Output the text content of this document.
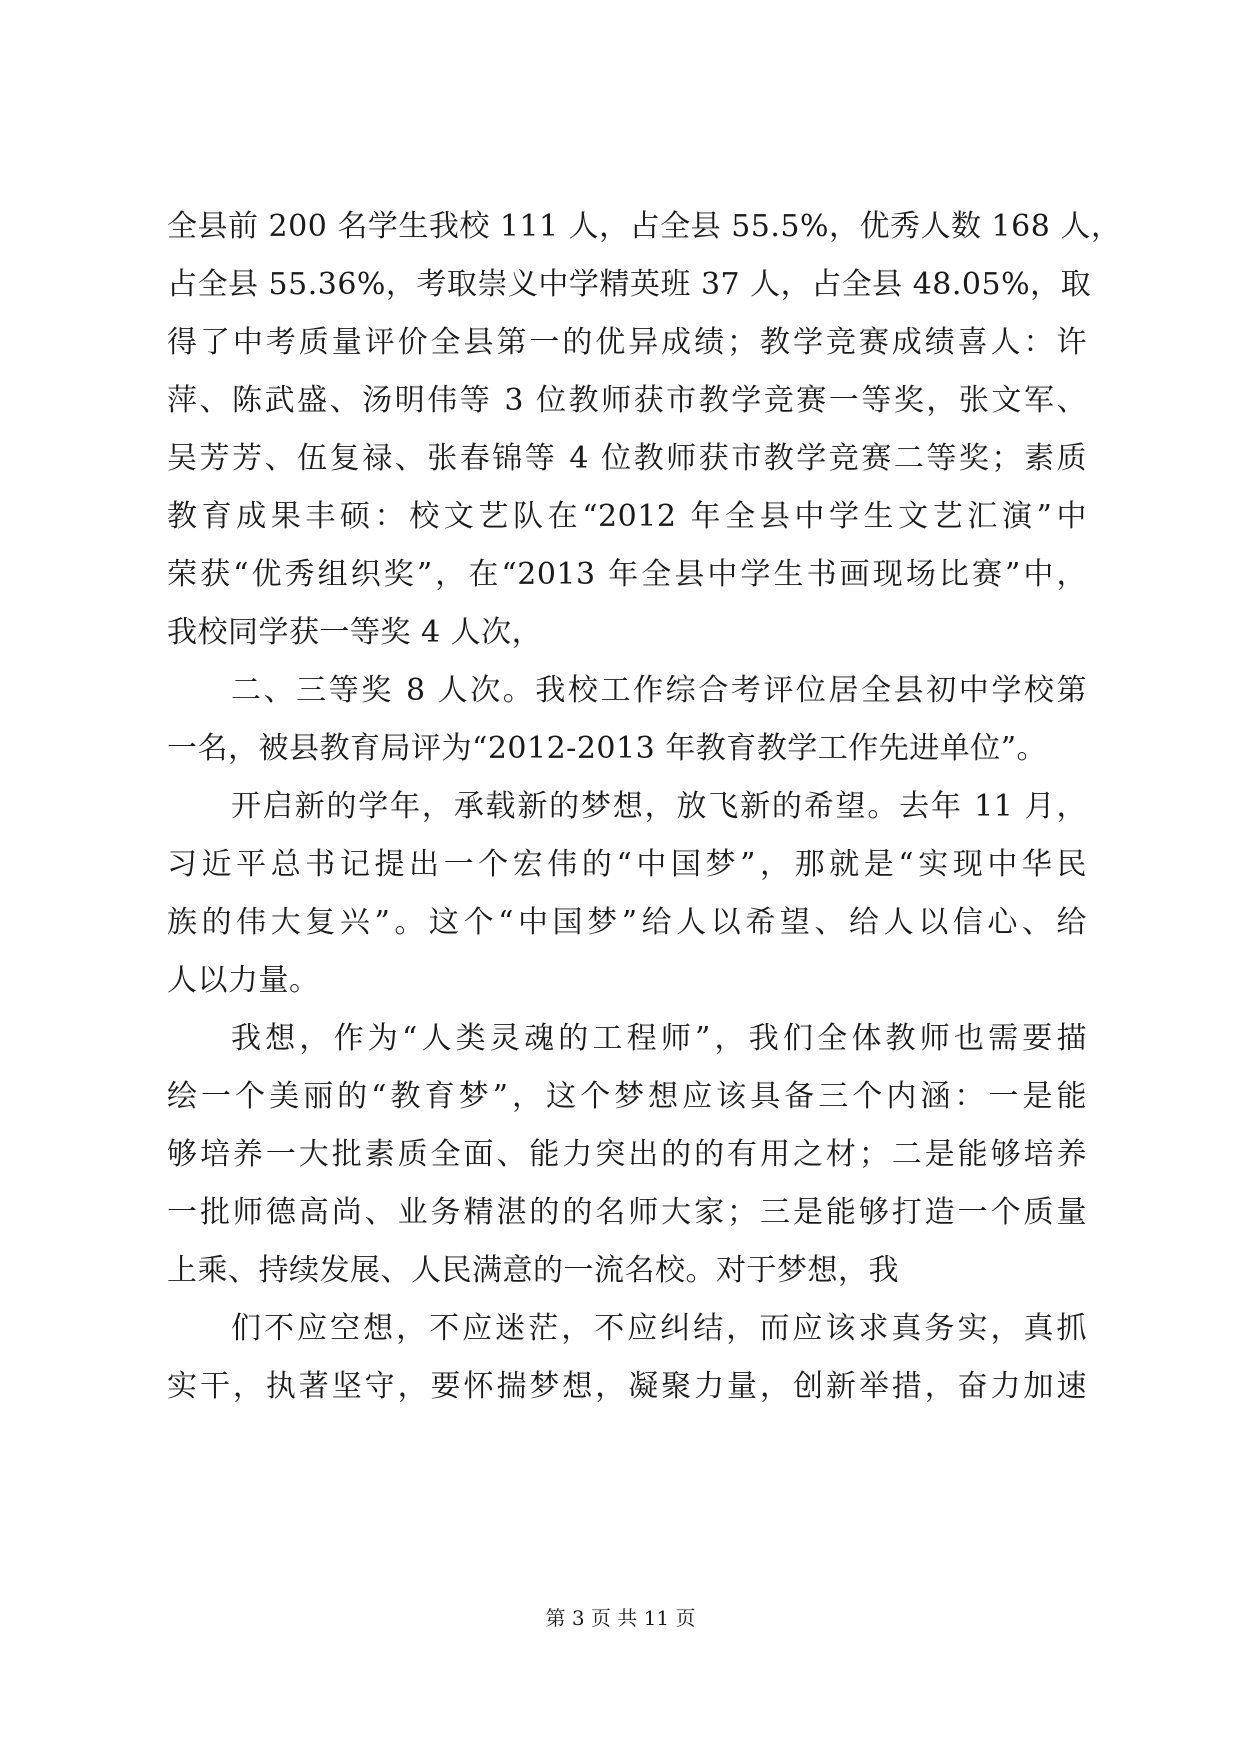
全县前 200 名学生我校 111 人，占全县 55.5%，优秀人数 168 人，
占全县 55.36%，考取崇义中学精英班 37 人，占全县 48.05%，取
得了中考质量评价全县第一的优异成绩；教学竞赛成绩喜人：许
萍、陈武盛、汤明伟等 3 位教师获市教学竞赛一等奖，张文军、
吴芳芳、伍复禄、张春锦等 4 位教师获市教学竞赛二等奖；素质
教育成果丰硕：校文艺队在“2012 年全县中学生文艺汇演”中
荣获“优秀组织奖”，在“2013 年全县中学生书画现场比赛”中，
我校同学获一等奖 4 人次，
二、三等奖 8 人次。我校工作综合考评位居全县初中学校第
一名，被县教育局评为“2012-2013 年教育教学工作先进单位”。
开启新的学年，承载新的梦想，放飞新的希望。去年 11 月，
习近平总书记提出一个宏伟的“中国梦”，那就是“实现中华民
族的伟大复兴”。这个“中国梦”给人以希望、给人以信心、给
人以力量。
我想，作为“人类灵魂的工程师”，我们全体教师也需要描
绘一个美丽的“教育梦”，这个梦想应该具备三个内涵：一是能
够培养一大批素质全面、能力突出的的有用之材；二是能够培养
一批师德高尚、业务精湛的的名师大家；三是能够打造一个质量
上乘、持续发展、人民满意的一流名校。对于梦想，我
们不应空想，不应迷茫，不应纠结，而应该求真务实，真抓
实干，执著坚守，要怀揣梦想，凝聚力量，创新举措，奋力加速
第 3 页 共 11 页
